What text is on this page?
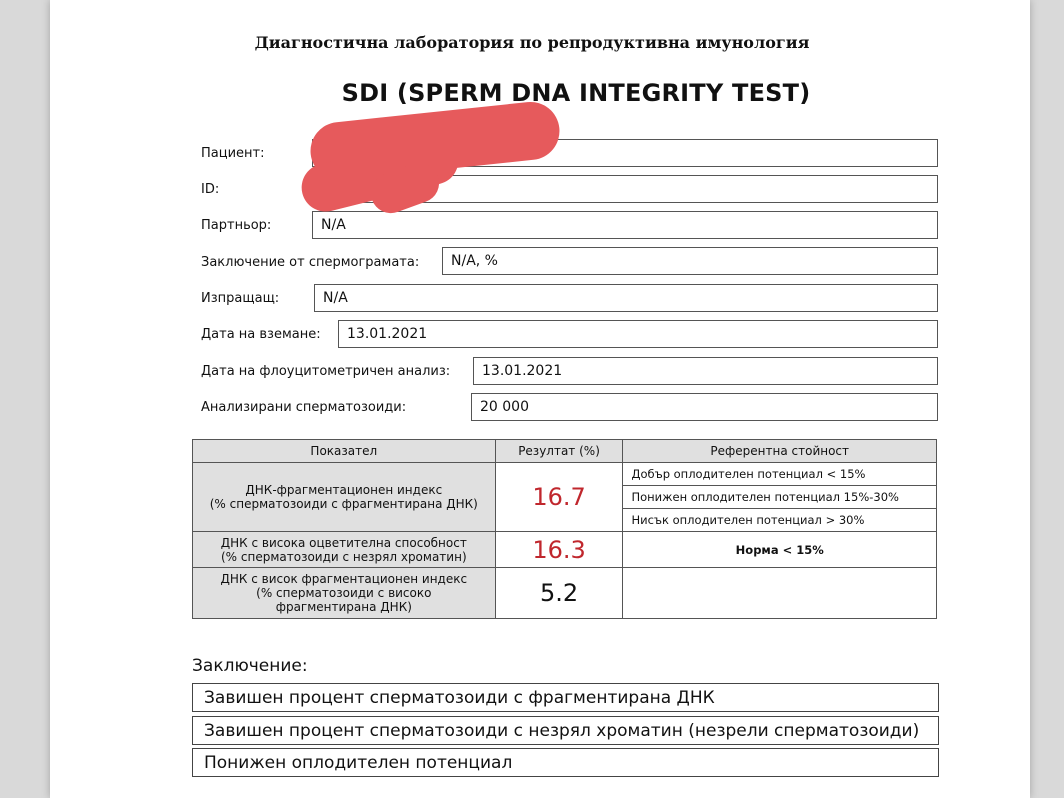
Диагностична лаборатория по репродуктивна имунология
SDI (SPERM DNA INTEGRITY TEST)
Пациент:
ID:
Партньор:	N/A
Заключение от спермограмата:	N/A, %
Изпращащ:	N/A
Дата на вземане:	13.01.2021
Дата на флоуцитометричен анализ:	13.01.2021
Анализирани сперматозоиди:	20 000
Показател	Резултат (%)	Референтна стойност

ДНК-фрагментационен индекс
(% сперматозоиди с фрагментирана ДНК)	16.7	Добър оплодителен потенциал < 15%
		Понижен оплодителен потенциал 15%-30%
		Нисък оплодителен потенциал > 30%

ДНК с висока оцветителна способност
(% сперматозоиди с незрял хроматин)	16.3	Норма < 15%

ДНК с висок фрагментационен индекс
(% сперматозоиди с високо
фрагментирана ДНК)	5.2	
Заключение:
Завишен процент сперматозоиди с фрагментирана ДНК
Завишен процент сперматозоиди с незрял хроматин (незрели сперматозоиди)
Понижен оплодителен потенциал
